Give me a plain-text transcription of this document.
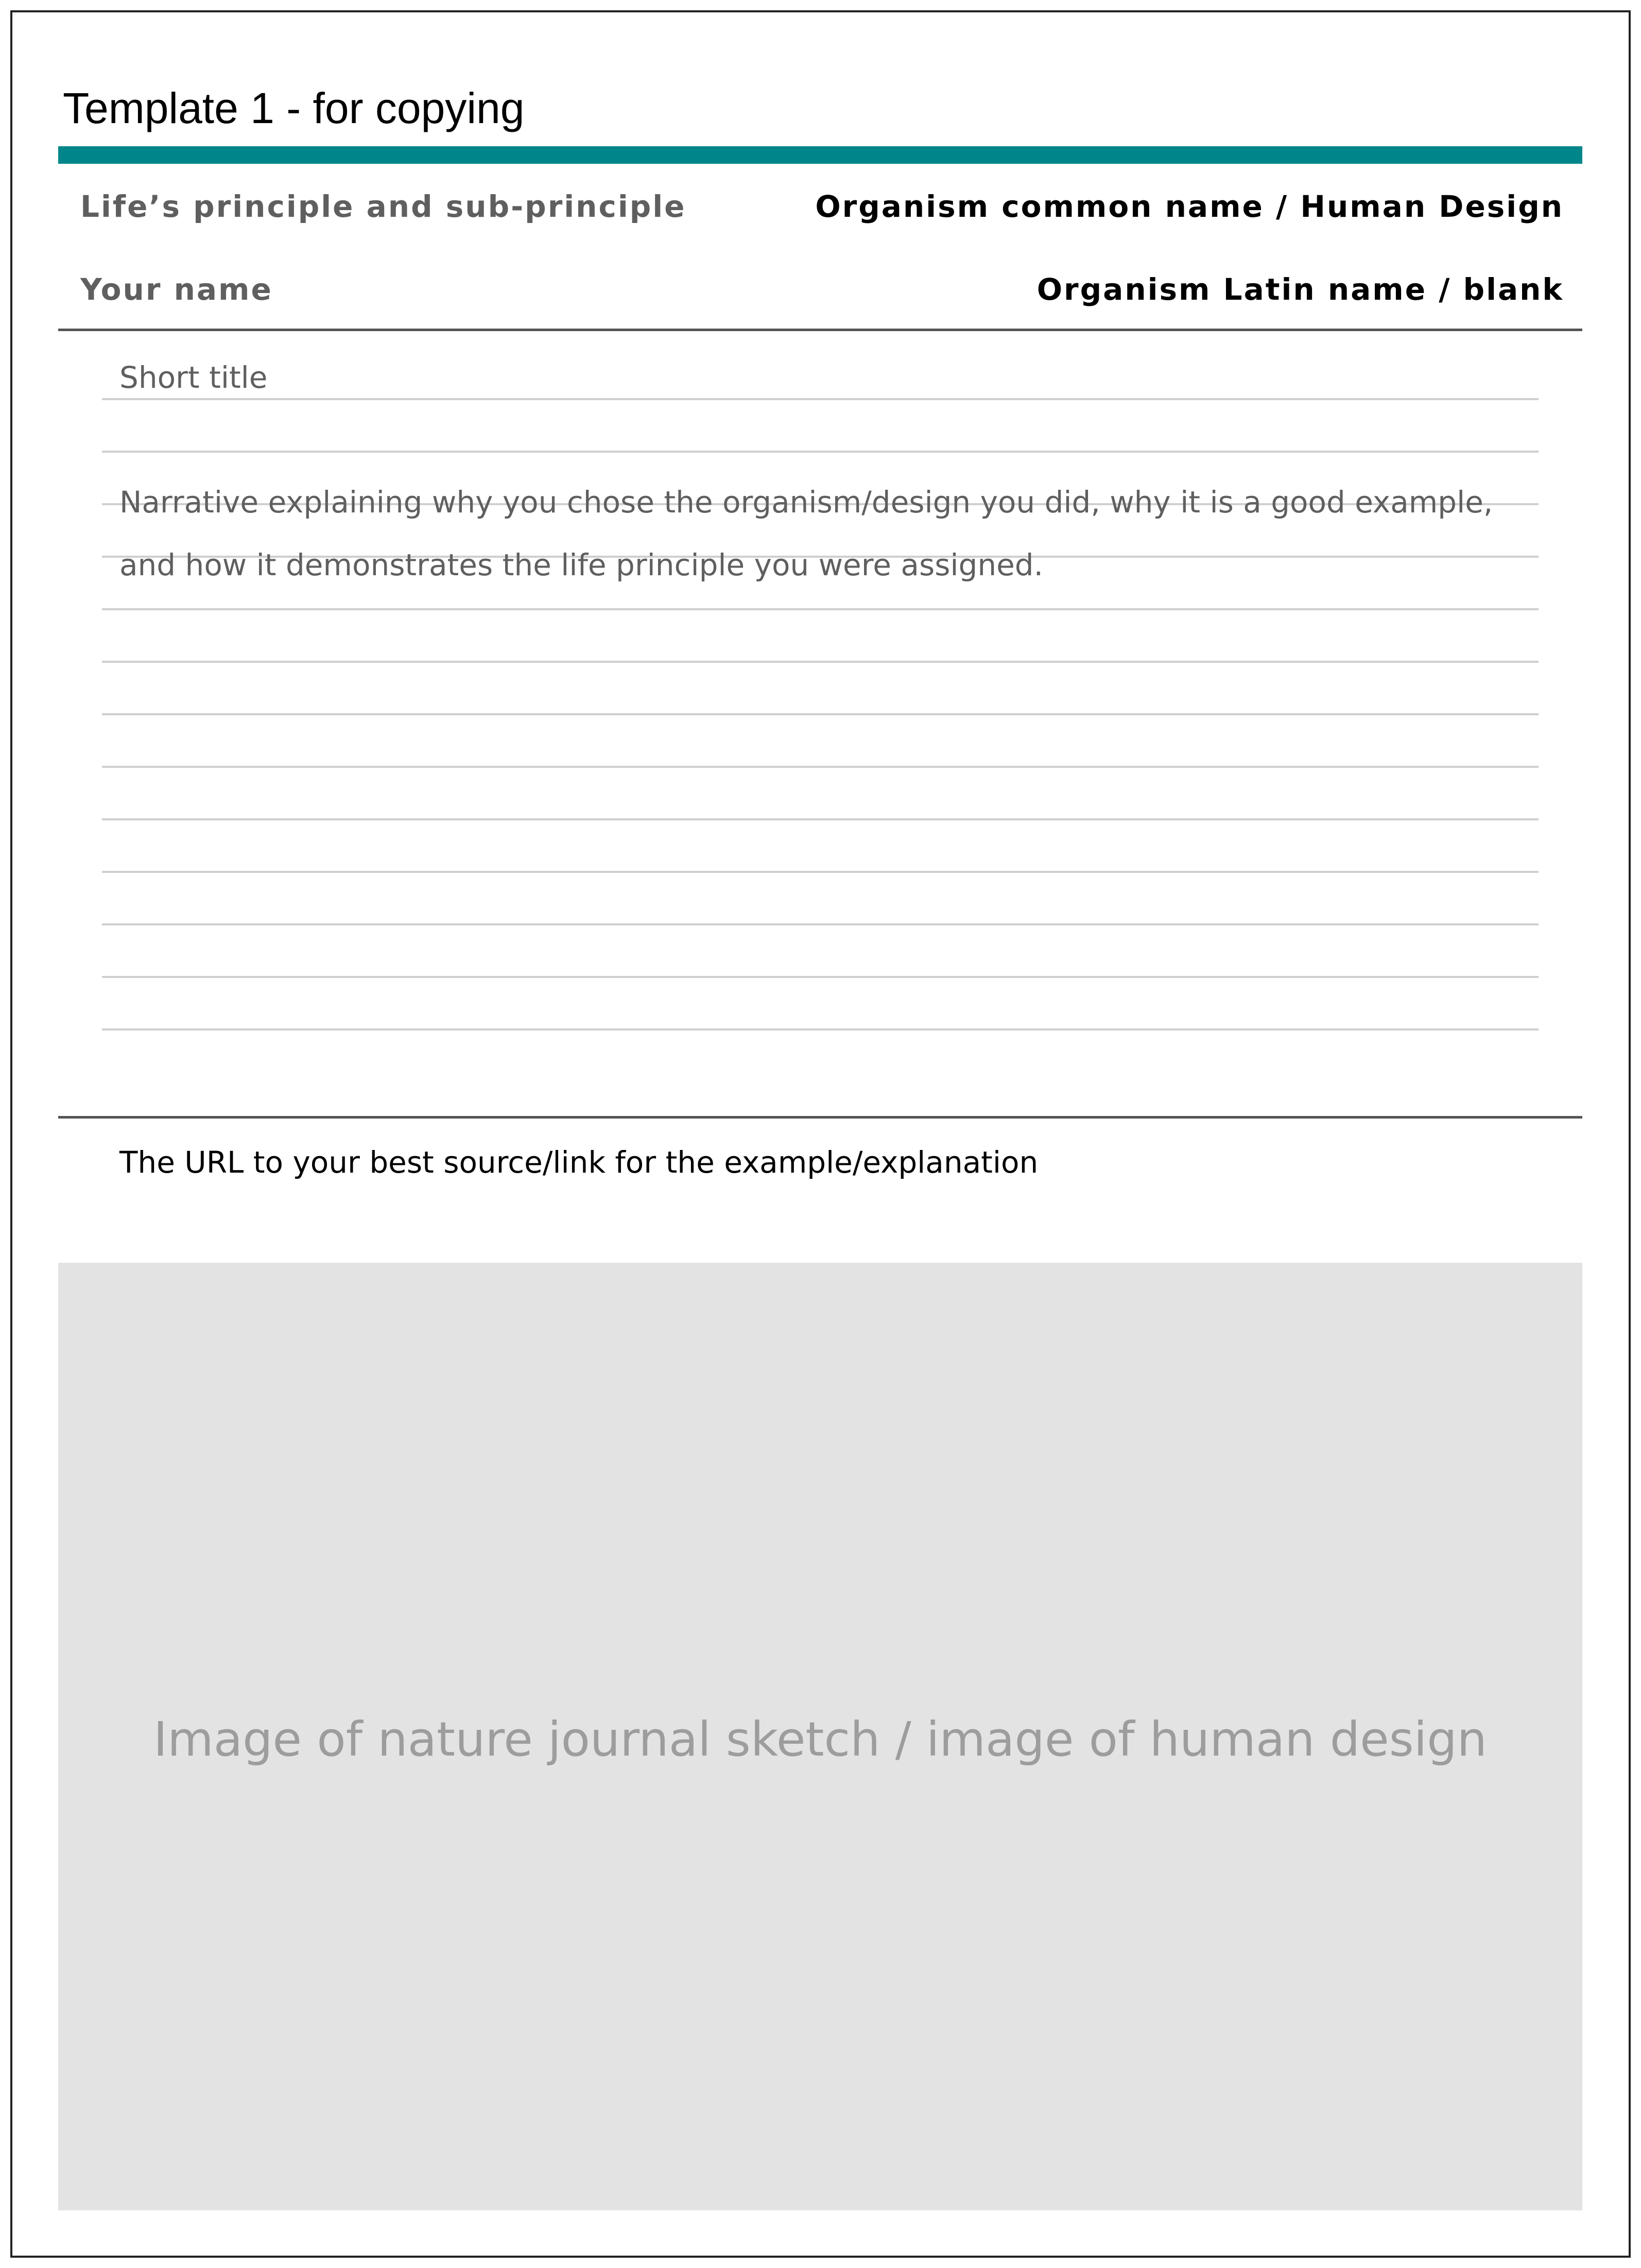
Template 1 - for copying
Life’s principle and sub-principle	Organism common name / Human Design
Your name	Organism Latin name / blank
Short title
Narrative explaining why you chose the organism/design you did, why it is a good example,
and how it demonstrates the life principle you were assigned.
The URL to your best source/link for the example/explanation
Image of nature journal sketch / image of human design
